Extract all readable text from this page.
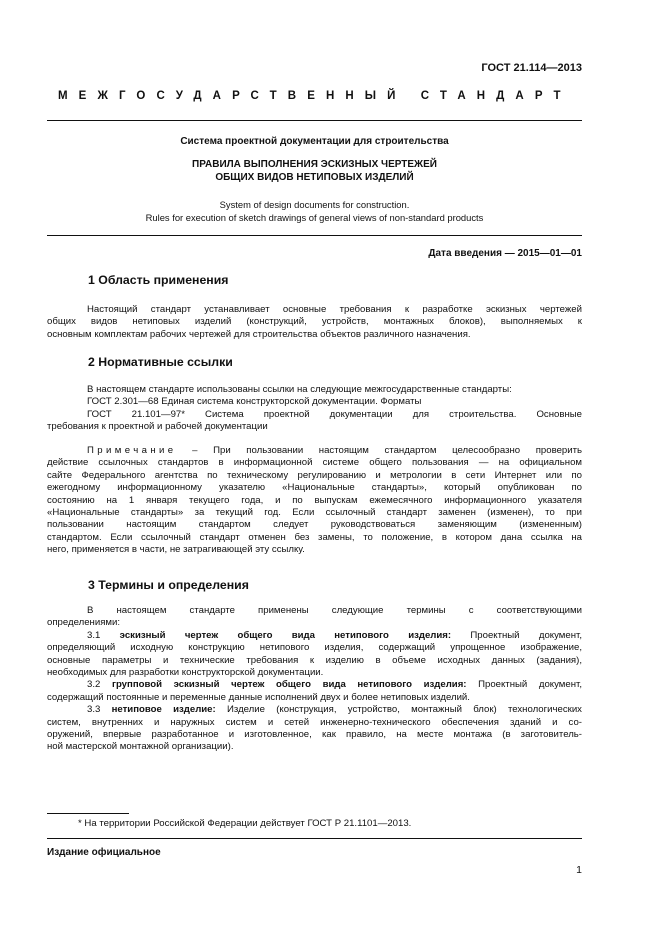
ГОСТ 21.114—2013
МЕЖГОСУДАРСТВЕННЫЙ СТАНДАРТ
Система проектной документации для строительства
ПРАВИЛА ВЫПОЛНЕНИЯ ЭСКИЗНЫХ ЧЕРТЕЖЕЙ
ОБЩИХ ВИДОВ НЕТИПОВЫХ ИЗДЕЛИЙ
System of design documents for construction.
Rules for execution of sketch drawings of general views of non-standard products
Дата введения — 2015—01—01
1 Область применения
Настоящий стандарт устанавливает основные требования к разработке эскизных чертежей
общих видов нетиповых изделий (конструкций, устройств, монтажных блоков), выполняемых к
основным комплектам рабочих чертежей для строительства объектов различного назначения.
2 Нормативные ссылки
В настоящем стандарте использованы ссылки на следующие межгосударственные стандарты:
ГОСТ 2.301—68 Единая система конструкторской документации. Форматы
ГОСТ 21.101—97* Система проектной документации для строительства. Основные
требования к проектной и рабочей документации
Примечание – При пользовании настоящим стандартом целесообразно проверить
действие ссылочных стандартов в информационной системе общего пользования — на официальном
сайте Федерального агентства по техническому регулированию и метрологии в сети Интернет или по
ежегодному информационному указателю «Национальные стандарты», который опубликован по
состоянию на 1 января текущего года, и по выпускам ежемесячного информационного указателя
«Национальные стандарты» за текущий год. Если ссылочный стандарт заменен (изменен), то при
пользовании настоящим стандартом следует руководствоваться заменяющим (измененным)
стандартом. Если ссылочный стандарт отменен без замены, то положение, в котором дана ссылка на
него, применяется в части, не затрагивающей эту ссылку.
3 Термины и определения
В настоящем стандарте применены следующие термины с соответствующими
определениями:
3.1 эскизный чертеж общего вида нетипового изделия: Проектный документ,
определяющий исходную конструкцию нетипового изделия, содержащий упрощенное изображение,
основные параметры и технические требования к изделию в объеме исходных данных (задания),
необходимых для разработки конструкторской документации.
3.2 групповой эскизный чертеж общего вида нетипового изделия: Проектный документ,
содержащий постоянные и переменные данные исполнений двух и более нетиповых изделий.
3.3 нетиповое изделие: Изделие (конструкция, устройство, монтажный блок) технологических
систем, внутренних и наружных систем и сетей инженерно-технического обеспечения зданий и со-
оружений, впервые разработанное и изготовленное, как правило, на месте монтажа (в заготовитель-
ной мастерской монтажной организации).
* На территории Российской Федерации действует ГОСТ Р 21.1101—2013.
Издание официальное
1
